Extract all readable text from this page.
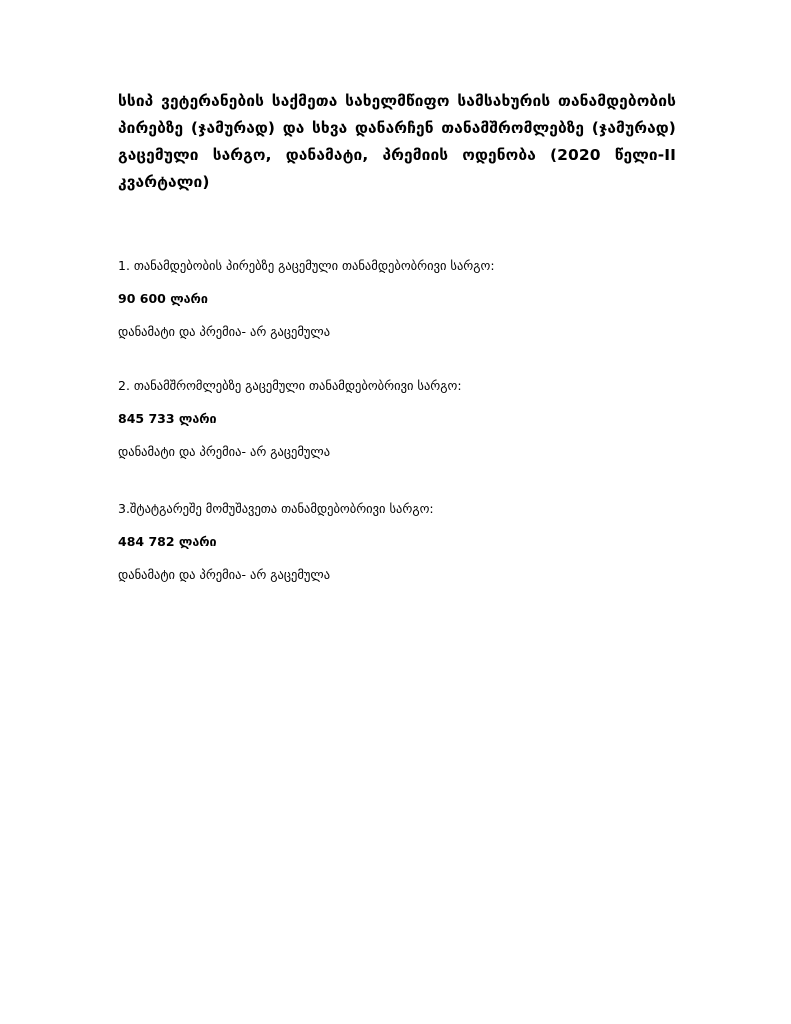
სსიპ ვეტერანების საქმეთა სახელმწიფო სამსახურის თანამდებობის პირებზე (ჯამურად) და სხვა დანარჩენ თანამშრომლებზე (ჯამურად) გაცემული სარგო, დანამატი, პრემიის ოდენობა (2020 წელი-II კვარტალი)

1. თანამდებობის პირებზე გაცემული თანამდებობრივი სარგო:

90 600 ლარი

დანამატი და პრემია- არ გაცემულა

2. თანამშრომლებზე გაცემული თანამდებობრივი სარგო:

845 733 ლარი

დანამატი და პრემია- არ გაცემულა

3.შტატგარეშე მომუშავეთა თანამდებობრივი სარგო:

484 782 ლარი

დანამატი და პრემია- არ გაცემულა
